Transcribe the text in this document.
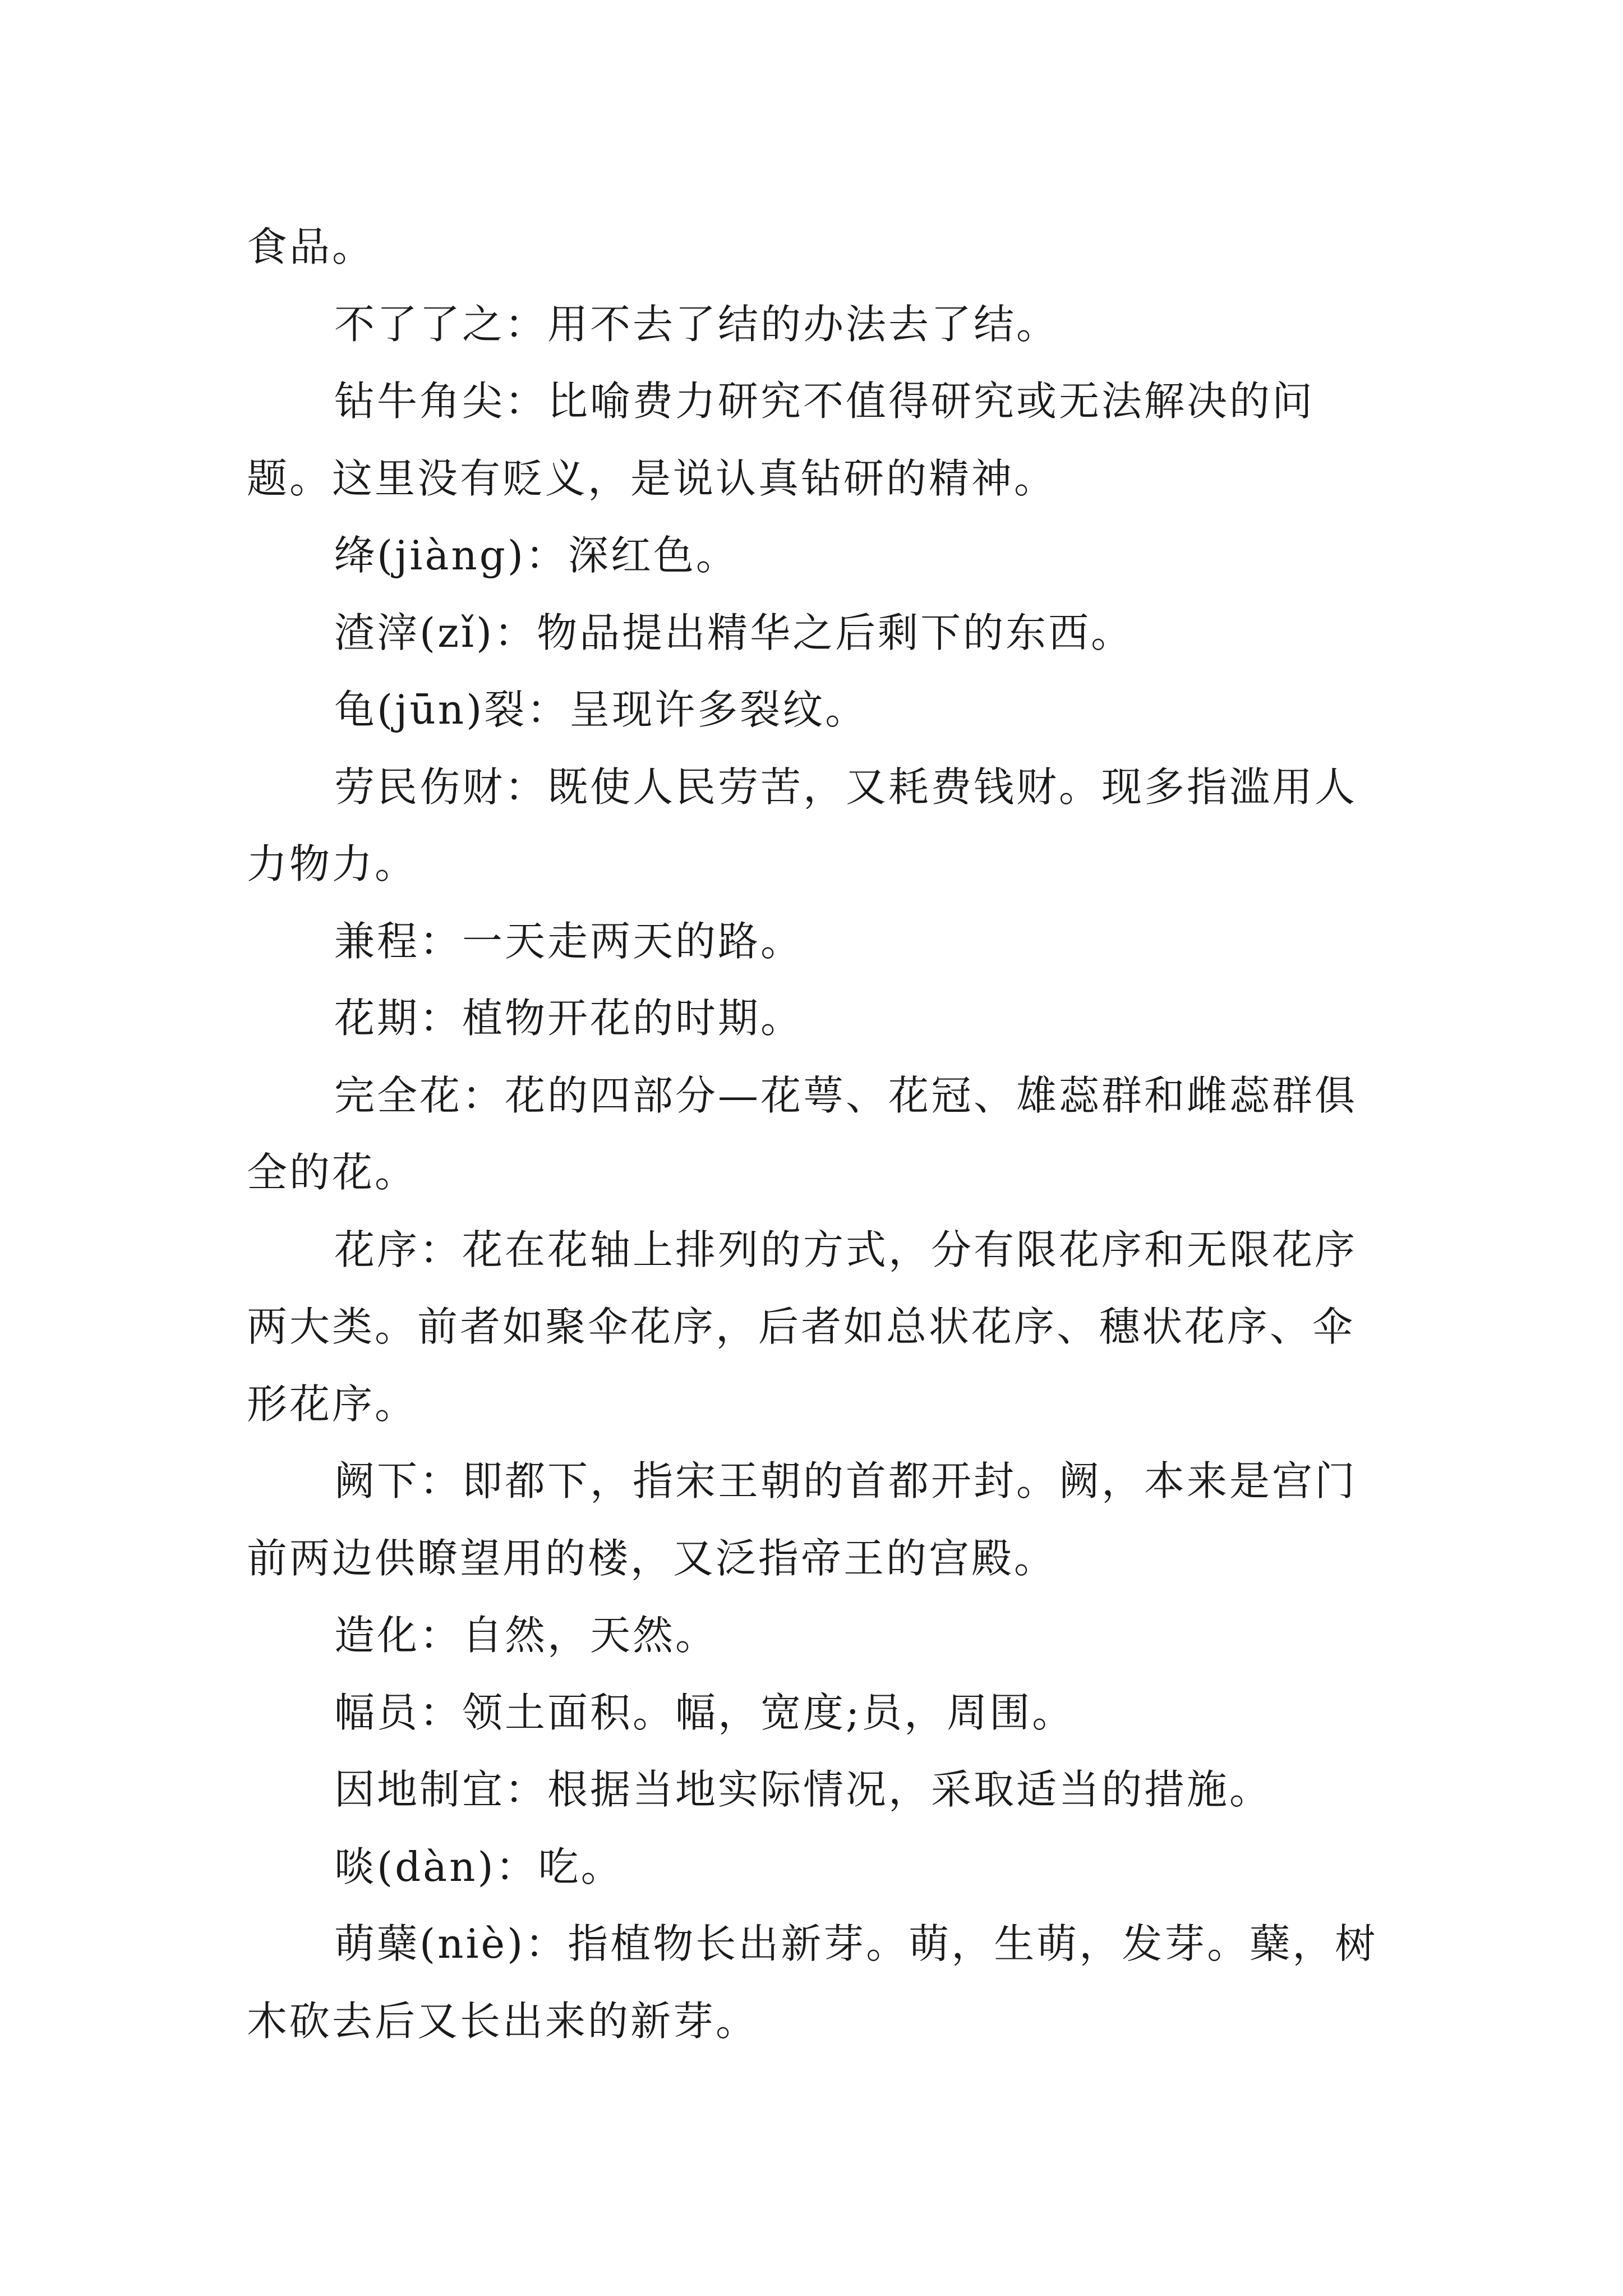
食品。

不了了之：用不去了结的办法去了结。

钻牛角尖：比喻费力研究不值得研究或无法解决的问题。这里没有贬义，是说认真钻研的精神。

绛(jiàng)：深红色。

渣滓(zǐ)：物品提出精华之后剩下的东西。

龟(jūn)裂：呈现许多裂纹。

劳民伤财：既使人民劳苦，又耗费钱财。现多指滥用人力物力。

兼程：一天走两天的路。

花期：植物开花的时期。

完全花：花的四部分—花萼、花冠、雄蕊群和雌蕊群俱全的花。

花序：花在花轴上排列的方式，分有限花序和无限花序两大类。前者如聚伞花序，后者如总状花序、穗状花序、伞形花序。

阙下：即都下，指宋王朝的首都开封。阙，本来是宫门前两边供瞭望用的楼，又泛指帝王的宫殿。

造化：自然，天然。

幅员：领土面积。幅，宽度;员，周围。

因地制宜：根据当地实际情况，采取适当的措施。

啖(dàn)：吃。

萌蘖(niè)：指植物长出新芽。萌，生萌，发芽。蘖，树木砍去后又长出来的新芽。
